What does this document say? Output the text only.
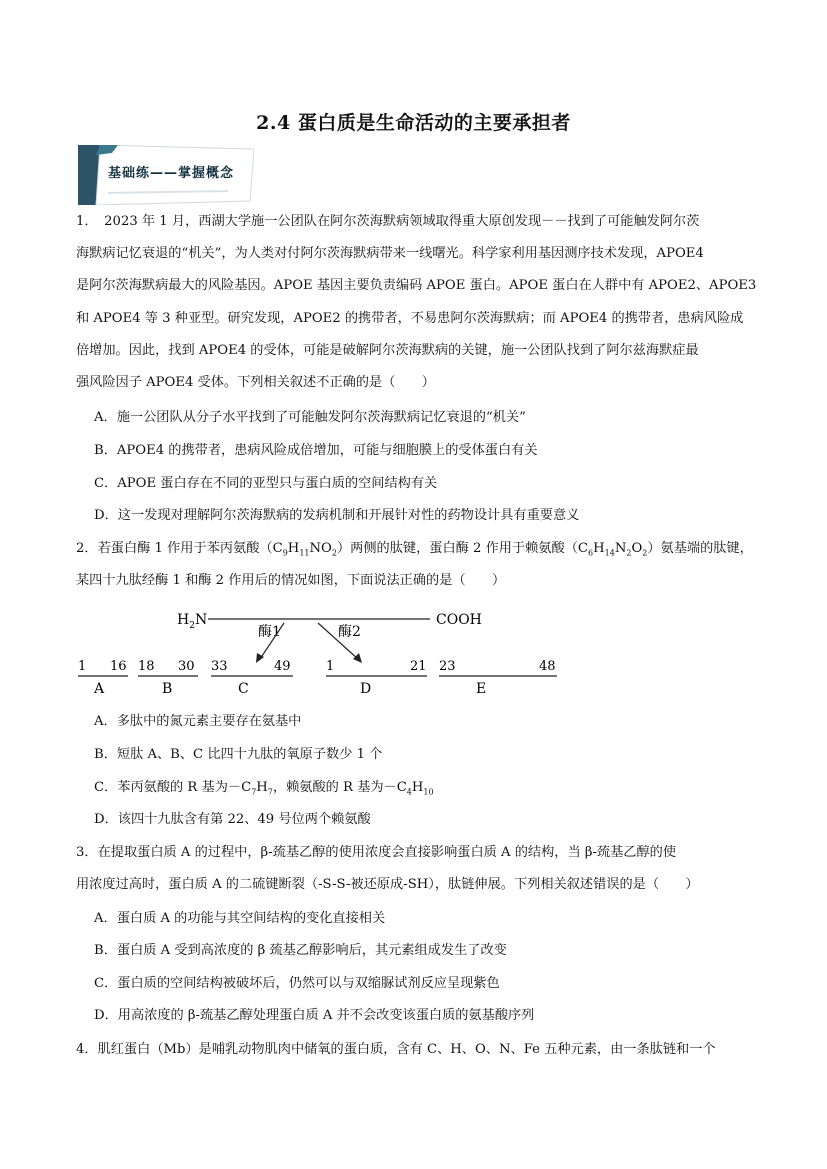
2.4 蛋白质是生命活动的主要承担者
基础练——掌握概念
1．　2023 年 1 月，西湖大学施一公团队在阿尔茨海默病领域取得重大原创发现－－找到了可能触发阿尔茨
海默病记忆衰退的“机关”，为人类对付阿尔茨海默病带来一线曙光。科学家利用基因测序技术发现，APOE4
是阿尔茨海默病最大的风险基因。APOE 基因主要负责编码 APOE 蛋白。APOE 蛋白在人群中有 APOE2、APOE3
和 APOE4 等 3 种亚型。研究发现，APOE2 的携带者，不易患阿尔茨海默病；而 APOE4 的携带者，患病风险成
倍增加。因此，找到 APOE4 的受体，可能是破解阿尔茨海默病的关键，施一公团队找到了阿尔兹海默症最
强风险因子 APOE4 受体。下列相关叙述不正确的是（　　）
A．施一公团队从分子水平找到了可能触发阿尔茨海默病记忆衰退的“机关”
B．APOE4 的携带者，患病风险成倍增加，可能与细胞膜上的受体蛋白有关
C．APOE 蛋白存在不同的亚型只与蛋白质的空间结构有关
D．这一发现对理解阿尔茨海默病的发病机制和开展针对性的药物设计具有重要意义
2．若蛋白酶 1 作用于苯丙氨酸$(C_9H_{11}NO_2)$两侧的肽键，蛋白酶 2 作用于赖氨酸$(C_6H_{14}N_2O_2)$氨基端的肽键，
某四十九肽经酶 1 和酶 2 作用后的情况如图，下面说法正确的是（　　）
$H_2N$	COOH
酶1	酶2
1 16
A
18 30
B
33	49
C
1	21
D
23	48
E
A．多肽中的氮元素主要存在氨基中
B．短肽 A、B、C 比四十九肽的氧原子数少 1 个
C．苯丙氨酸的 R 基为$-C_7H_7$，赖氨酸的 R 基为$-C_4H_{10}$
D．该四十九肽含有第 22、49 号位两个赖氨酸
3．在提取蛋白质 A 的过程中，β-巯基乙醇的使用浓度会直接影响蛋白质 A 的结构，当 β-巯基乙醇的使
用浓度过高时，蛋白质 A 的二硫键断裂（-S-S-被还原成-SH），肽链伸展。下列相关叙述错误的是（　　）
A．蛋白质 A 的功能与其空间结构的变化直接相关
B．蛋白质 A 受到高浓度的 β 巯基乙醇影响后，其元素组成发生了改变
C．蛋白质的空间结构被破坏后，仍然可以与双缩脲试剂反应呈现紫色
D．用高浓度的 β-巯基乙醇处理蛋白质 A 并不会改变该蛋白质的氨基酸序列
4．肌红蛋白（Mb）是哺乳动物肌肉中储氧的蛋白质，含有 C、H、O、N、Fe 五种元素，由一条肽链和一个
